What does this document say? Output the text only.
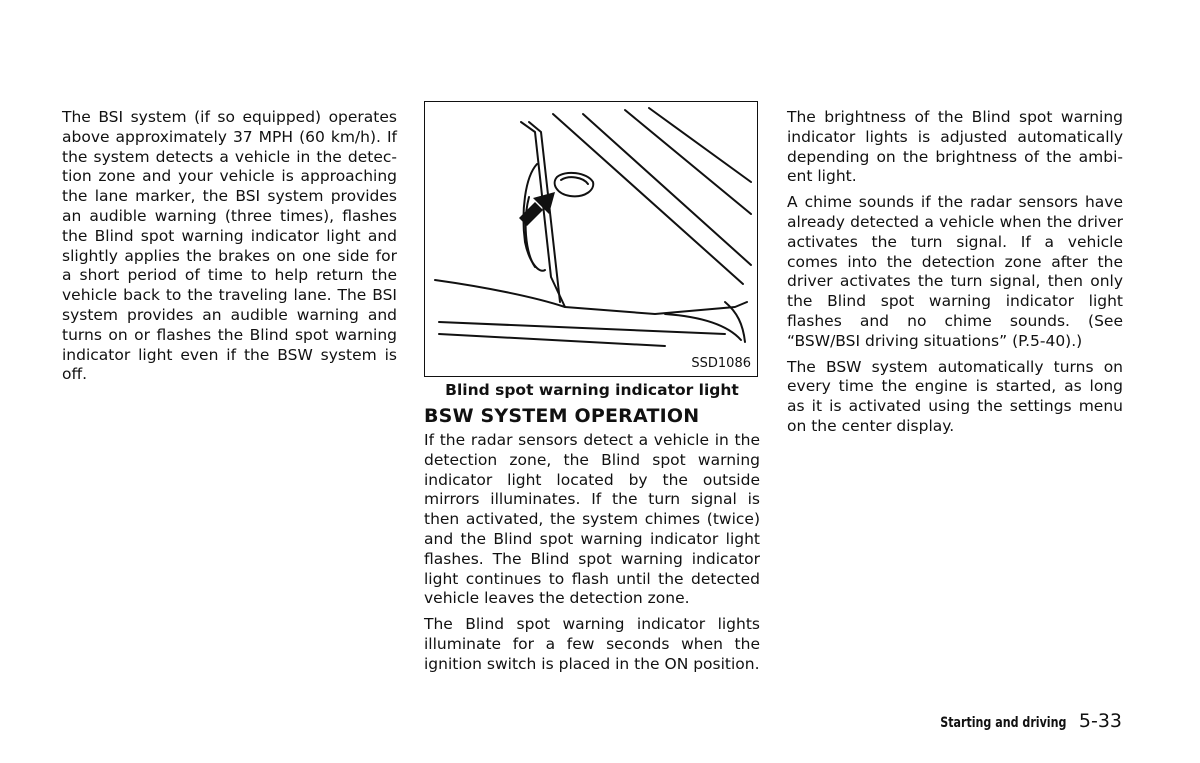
The BSI system (if so equipped) operates above approximately 37 MPH (60 km/h). If the system detects a vehicle in the detec- tion zone and your vehicle is approaching the lane marker, the BSI system provides an audible warning (three times), flashes the Blind spot warning indicator light and slightly applies the brakes on one side for a short period of time to help return the vehicle back to the traveling lane. The BSI system provides an audible warning and turns on or flashes the Blind spot warning indicator light even if the BSW system is off.

SSD1086
Blind spot warning indicator light
BSW SYSTEM OPERATION

If the radar sensors detect a vehicle in the detection zone, the Blind spot warning indicator light located by the outside mirrors illuminates. If the turn signal is then activated, the system chimes (twice) and the Blind spot warning indicator light flashes. The Blind spot warning indicator light continues to flash until the detected vehicle leaves the detection zone.

The Blind spot warning indicator lights illuminate for a few seconds when the ignition switch is placed in the ON position.

The brightness of the Blind spot warning indicator lights is adjusted automatically depending on the brightness of the ambi- ent light.

A chime sounds if the radar sensors have already detected a vehicle when the driver activates the turn signal. If a vehicle comes into the detection zone after the driver activates the turn signal, then only the Blind spot warning indicator light flashes and no chime sounds. (See “BSW/BSI driving situations” (P.5-40).)

The BSW system automatically turns on every time the engine is started, as long as it is activated using the settings menu on the center display.

Starting and driving 5-33
